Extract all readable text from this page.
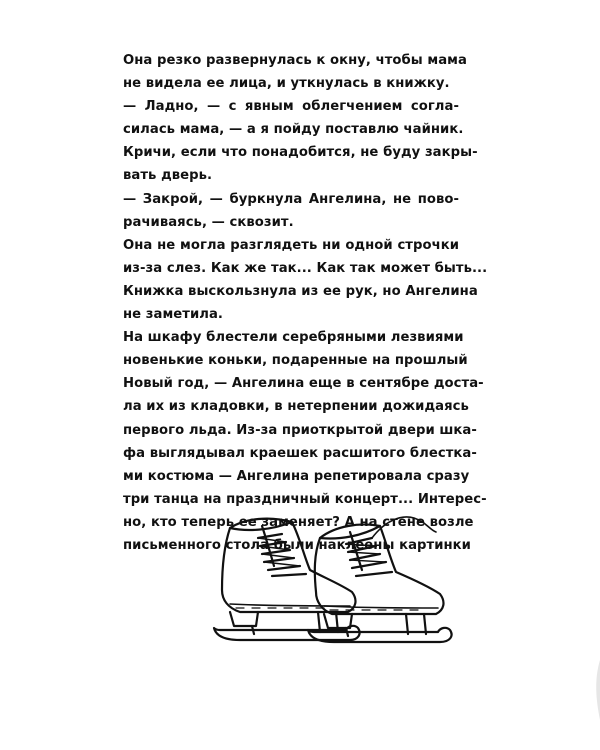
Она резко развернулась к окну, чтобы мама
не видела ее лица, и уткнулась в книжку.

— Ладно, — с явным облегчением согла-
силась мама, — а я пойду поставлю чайник.
Кричи, если что понадобится, не буду закры-
вать дверь.

— Закрой, — буркнула Ангелина, не пово-
рачиваясь, — сквозит.

Она не могла разглядеть ни одной строчки
из-за слез. Как же так... Как так может быть...
Книжка выскользнула из ее рук, но Ангелина
не заметила.

На шкафу блестели серебряными лезвиями
новенькие коньки, подаренные на прошлый
Новый год, — Ангелина еще в сентябре доста-
ла их из кладовки, в нетерпении дожидаясь
первого льда. Из-за приоткрытой двери шка-
фа выглядывал краешек расшитого блестка-
ми костюма — Ангелина репетировала сразу
три танца на праздничный концерт... Интерес-
но, кто теперь ее заменяет? А на стене возле
письменного стола были наклеены картинки
